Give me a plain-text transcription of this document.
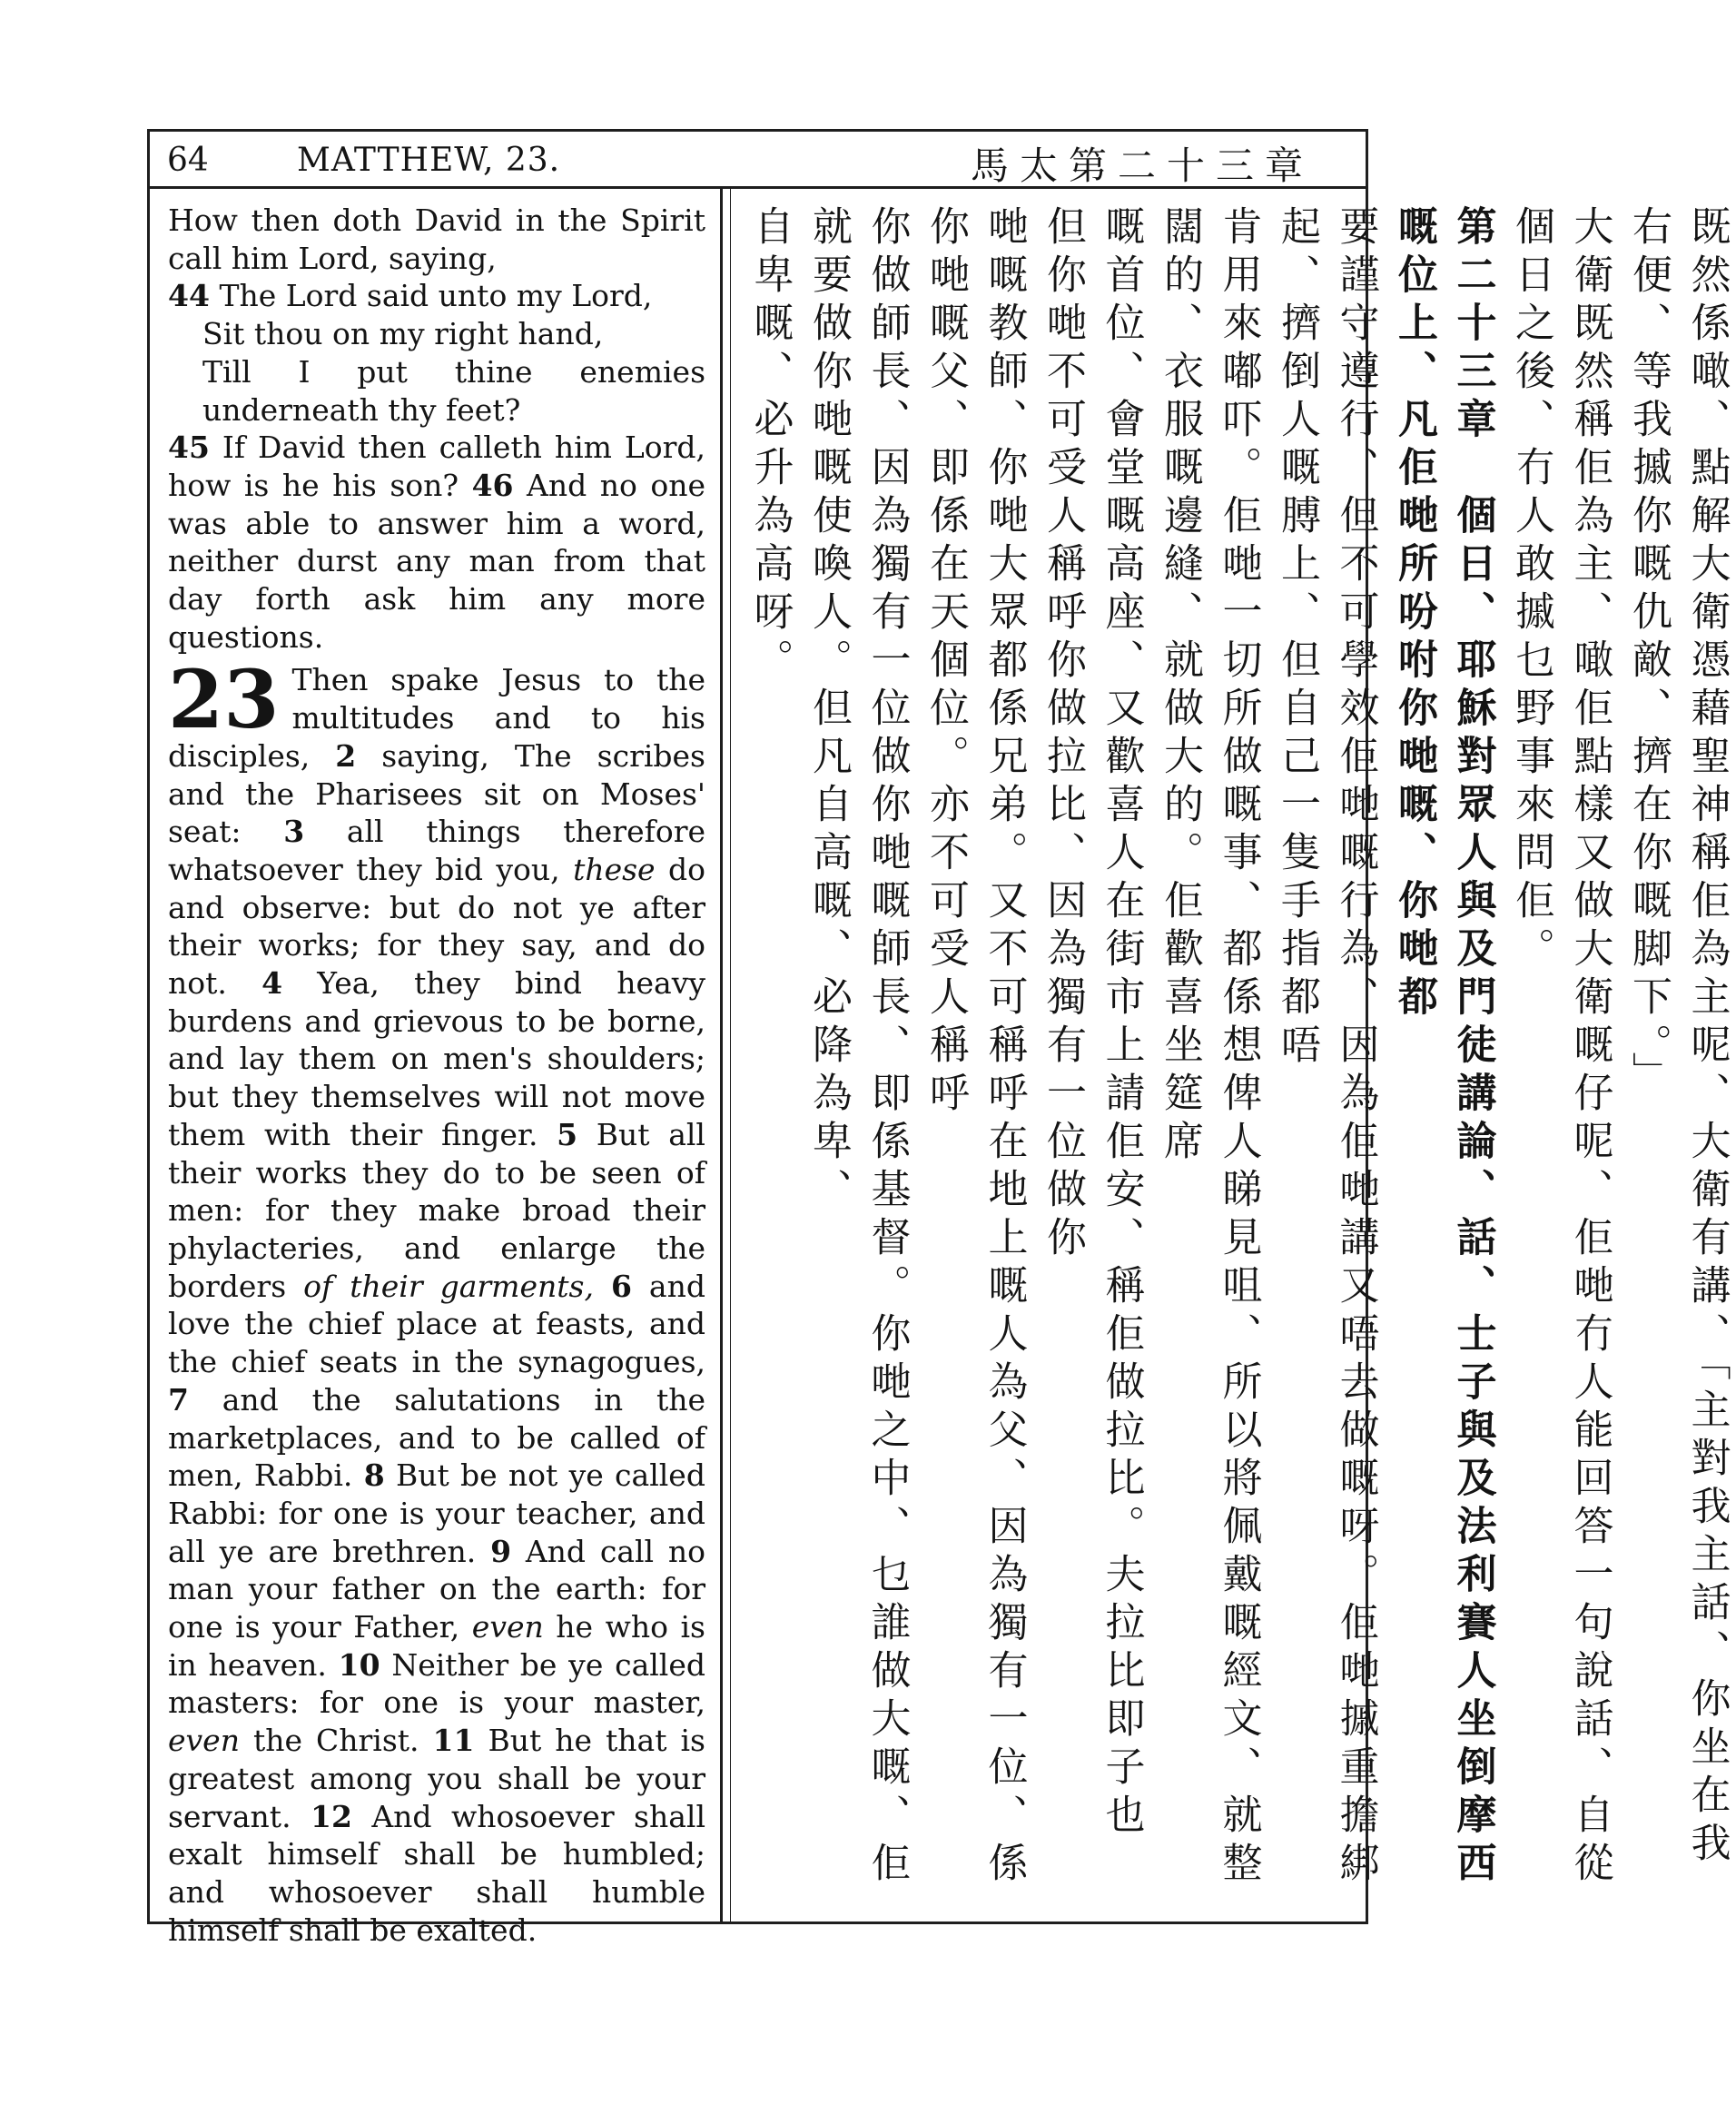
64	MATTHEW, 23.	馬太第二十三章

How then doth David in the Spirit call him Lord, saying,

44 The Lord said unto my Lord,

Sit thou on my right hand,

Till I put thine enemies underneath thy feet?

45 If David then calleth him Lord, how is he his son? 46 And no one was able to answer him a word, neither durst any man from that day forth ask him any more questions.

23 Then spake Jesus to the multitudes and to his disciples, 2 saying, The scribes and the Pharisees sit on Moses' seat: 3 all things therefore whatsoever they bid you, these do and observe: but do not ye after their works; for they say, and do not. 4 Yea, they bind heavy burdens and grievous to be borne, and lay them on men's shoulders; but they themselves will not move them with their finger. 5 But all their works they do to be seen of men: for they make broad their phylacteries, and enlarge the borders of their garments, 6 and love the chief place at feasts, and the chief seats in the synagogues, 7 and the salutations in the marketplaces, and to be called of men, Rabbi. 8 But be not ye called Rabbi: for one is your teacher, and all ye are brethren. 9 And call no man your father on the earth: for one is your Father, even he who is in heaven. 10 Neither be ye called masters: for one is your master, even the Christ. 11 But he that is greatest among you shall be your servant. 12 And whosoever shall exalt himself shall be humbled; and whosoever shall humble himself shall be exalted.

既然係噉、點解大衛憑藉聖神稱佢為主呢、大衛有講、「主對我主話、你坐在我右便、等我摵你嘅仇敵、擠在你嘅脚下。」
大衛既然稱佢為主、噉佢點樣又做大衛嘅仔呢、佢哋冇人能回答一句說話、自從個日之後、冇人敢摵乜野事來問佢。
第二十三章　個日、耶穌對眾人與及門徒講論、話、士子與及法利賽人坐倒摩西嘅位上、凡佢哋所吩咐你哋嘅、你哋都
要謹守遵行、但不可學效佢哋嘅行為、因為佢哋講又唔去做嘅呀。佢哋摵重擔綁起、擠倒人嘅膊上、但自己一隻手指都唔
肯用來嘟吓。佢哋一切所做嘅事、都係想俾人睇見咀、所以將佩戴嘅經文、就整闊的、衣服嘅邊縫、就做大的。佢歡喜坐筵席
嘅首位、會堂嘅高座、又歡喜人在街市上請佢安、稱佢做拉比。夫拉比即子也　但你哋不可受人稱呼你做拉比、因為獨有一位做你
哋嘅教師、你哋大眾都係兄弟。又不可稱呼在地上嘅人為父、因為獨有一位、係你哋嘅父、即係在天個位。亦不可受人稱呼
你做師長、因為獨有一位做你哋嘅師長、即係基督。你哋之中、乜誰做大嘅、佢就要做你哋嘅使喚人。但凡自高嘅、必降為卑、
自卑嘅、必升為高呀。
